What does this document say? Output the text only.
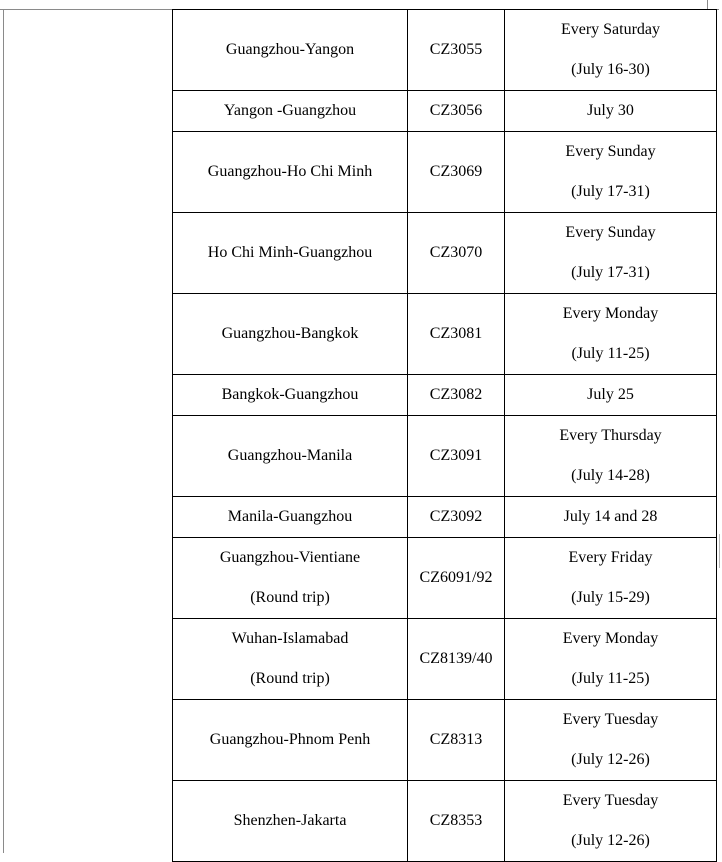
Guangzhou-Yangon	CZ3055	Every Saturday
(July 16-30)

Yangon -Guangzhou	CZ3056	July 30

Guangzhou-Ho Chi Minh	CZ3069	Every Sunday
(July 17-31)

Ho Chi Minh-Guangzhou	CZ3070	Every Sunday
(July 17-31)

Guangzhou-Bangkok	CZ3081	Every Monday
(July 11-25)

Bangkok-Guangzhou	CZ3082	July 25

Guangzhou-Manila	CZ3091	Every Thursday
(July 14-28)

Manila-Guangzhou	CZ3092	July 14 and 28

Guangzhou-Vientiane
(Round trip)	CZ6091/92	Every Friday
(July 15-29)

Wuhan-Islamabad
(Round trip)	CZ8139/40	Every Monday
(July 11-25)

Guangzhou-Phnom Penh	CZ8313	Every Tuesday
(July 12-26)

Shenzhen-Jakarta	CZ8353	Every Tuesday
(July 12-26)
